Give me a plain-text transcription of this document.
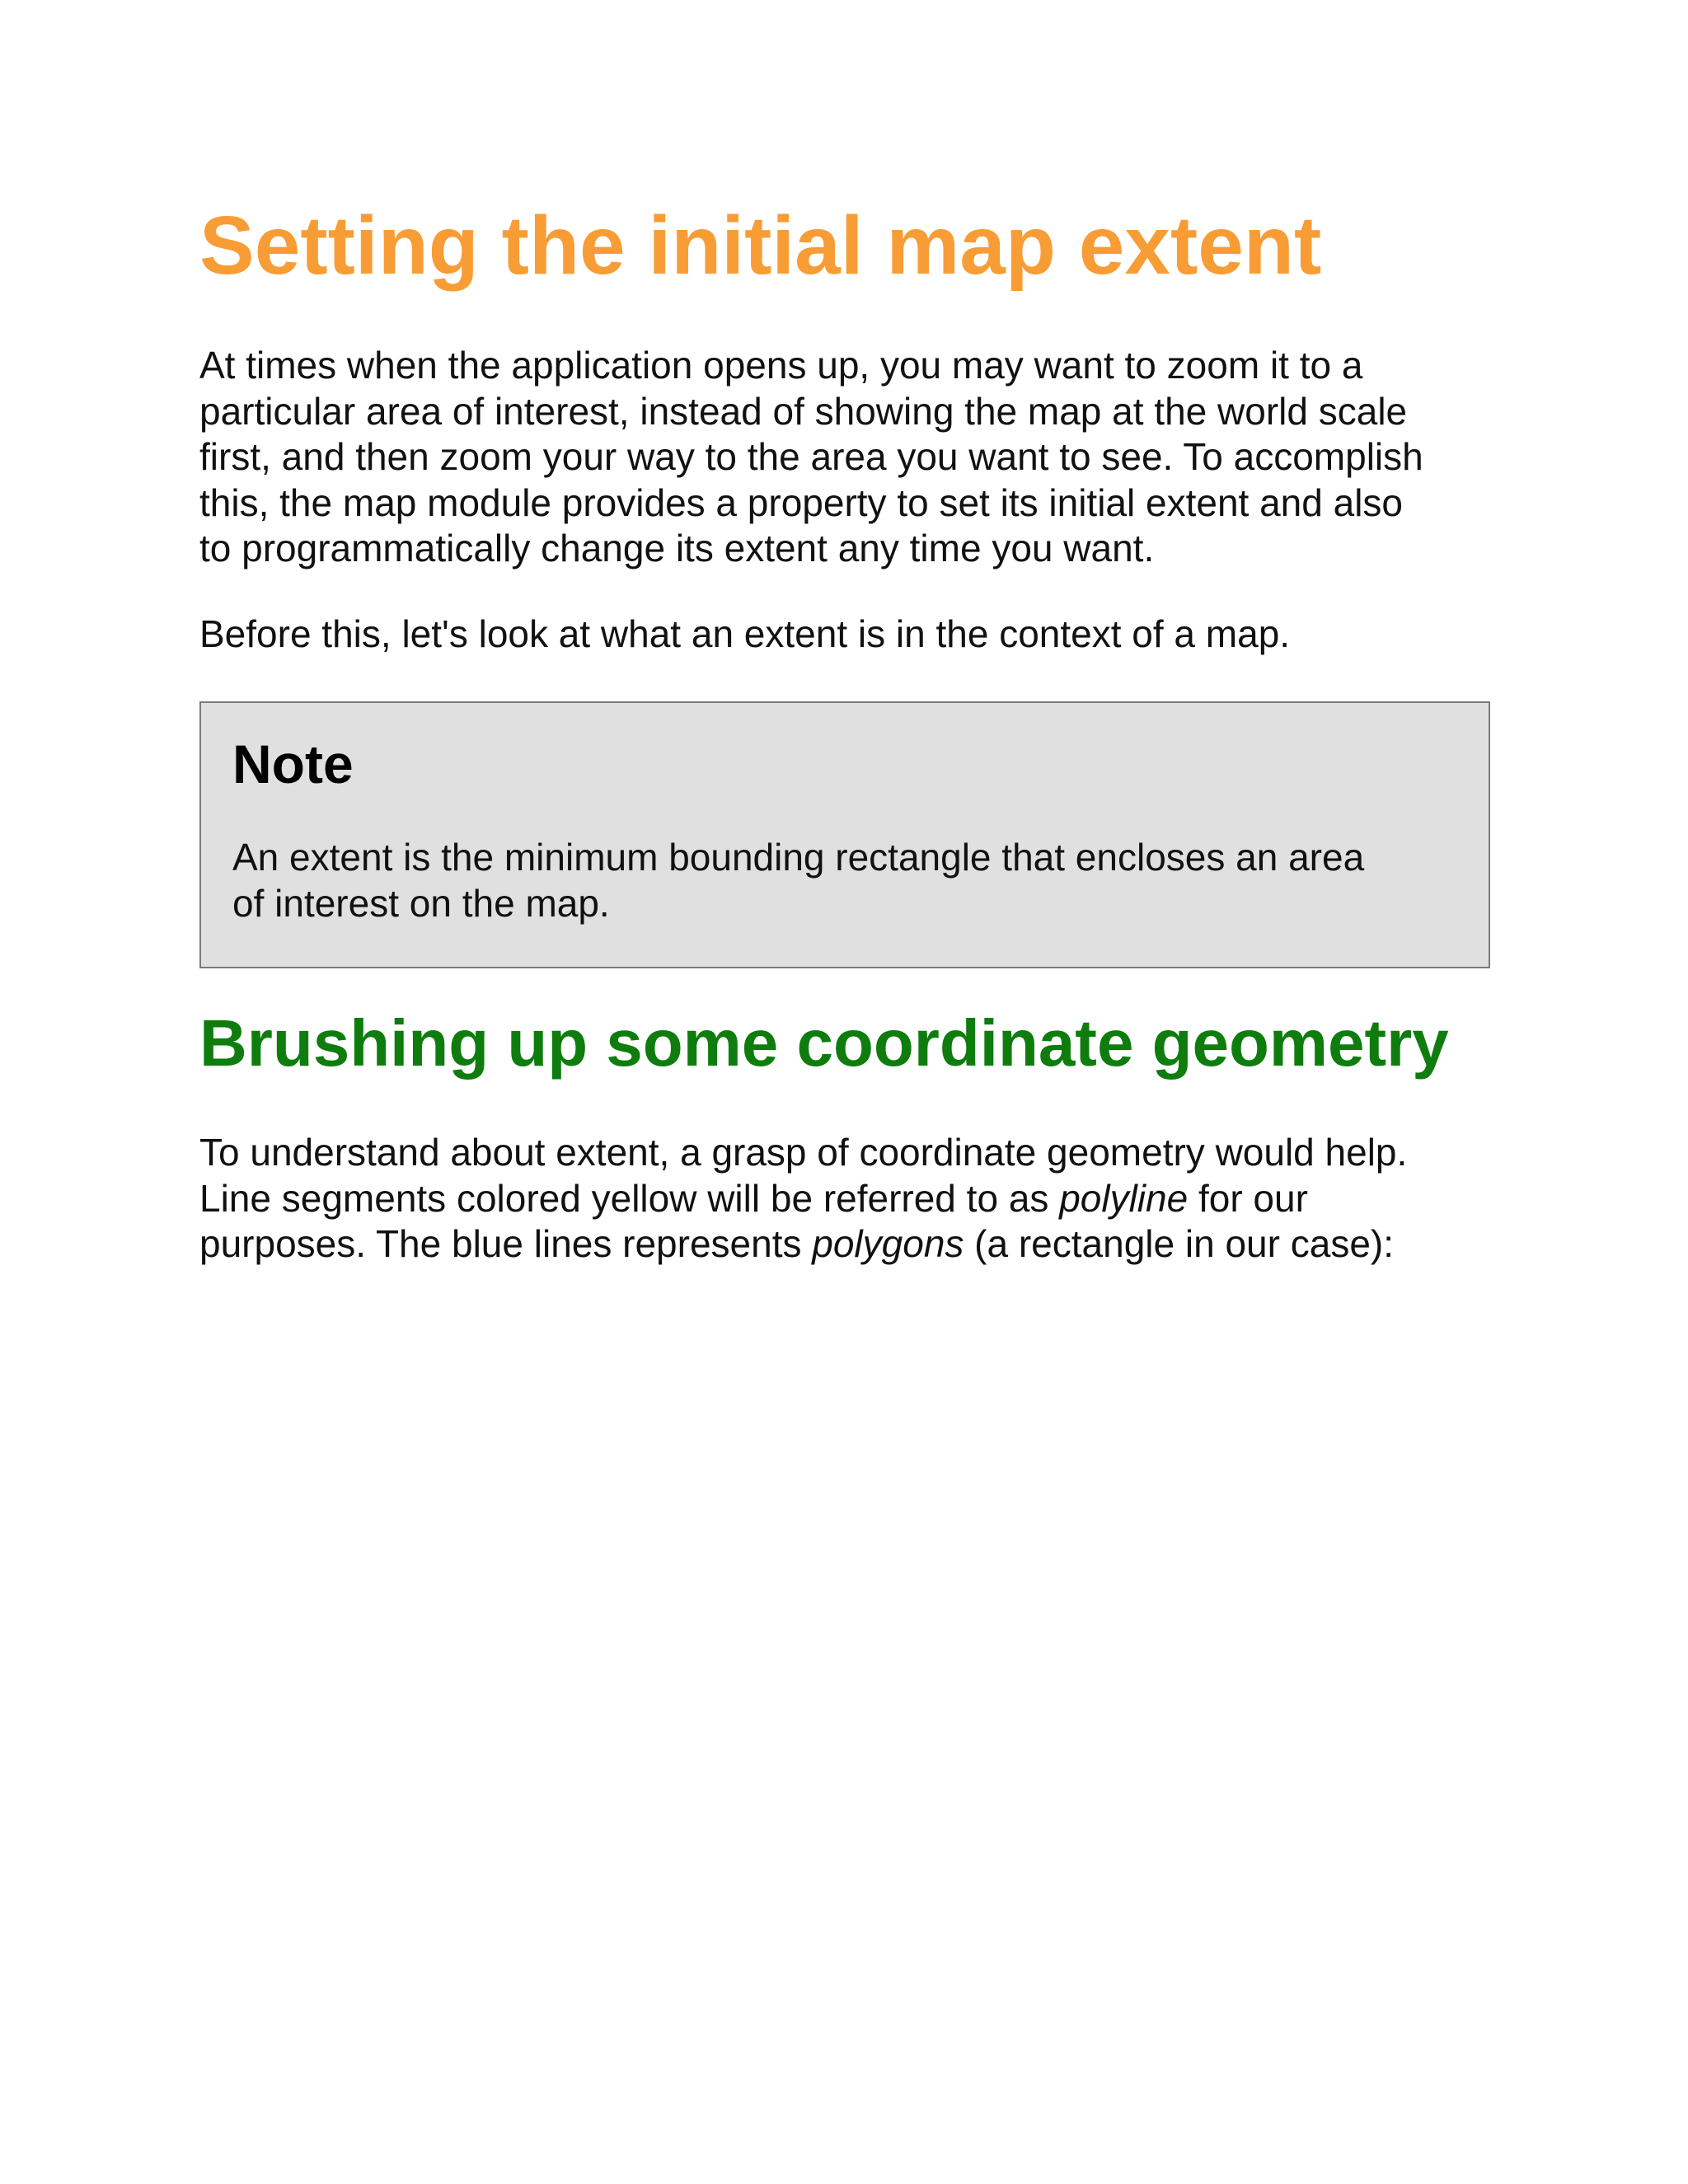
Setting the initial map extent

At times when the application opens up, you may want to zoom it to a
particular area of interest, instead of showing the map at the world scale
first, and then zoom your way to the area you want to see. To accomplish
this, the map module provides a property to set its initial extent and also
to programmatically change its extent any time you want.

Before this, let's look at what an extent is in the context of a map.

Note

An extent is the minimum bounding rectangle that encloses an area
of interest on the map.

Brushing up some coordinate geometry

To understand about extent, a grasp of coordinate geometry would help.
Line segments colored yellow will be referred to as polyline for our
purposes. The blue lines represents polygons (a rectangle in our case):
